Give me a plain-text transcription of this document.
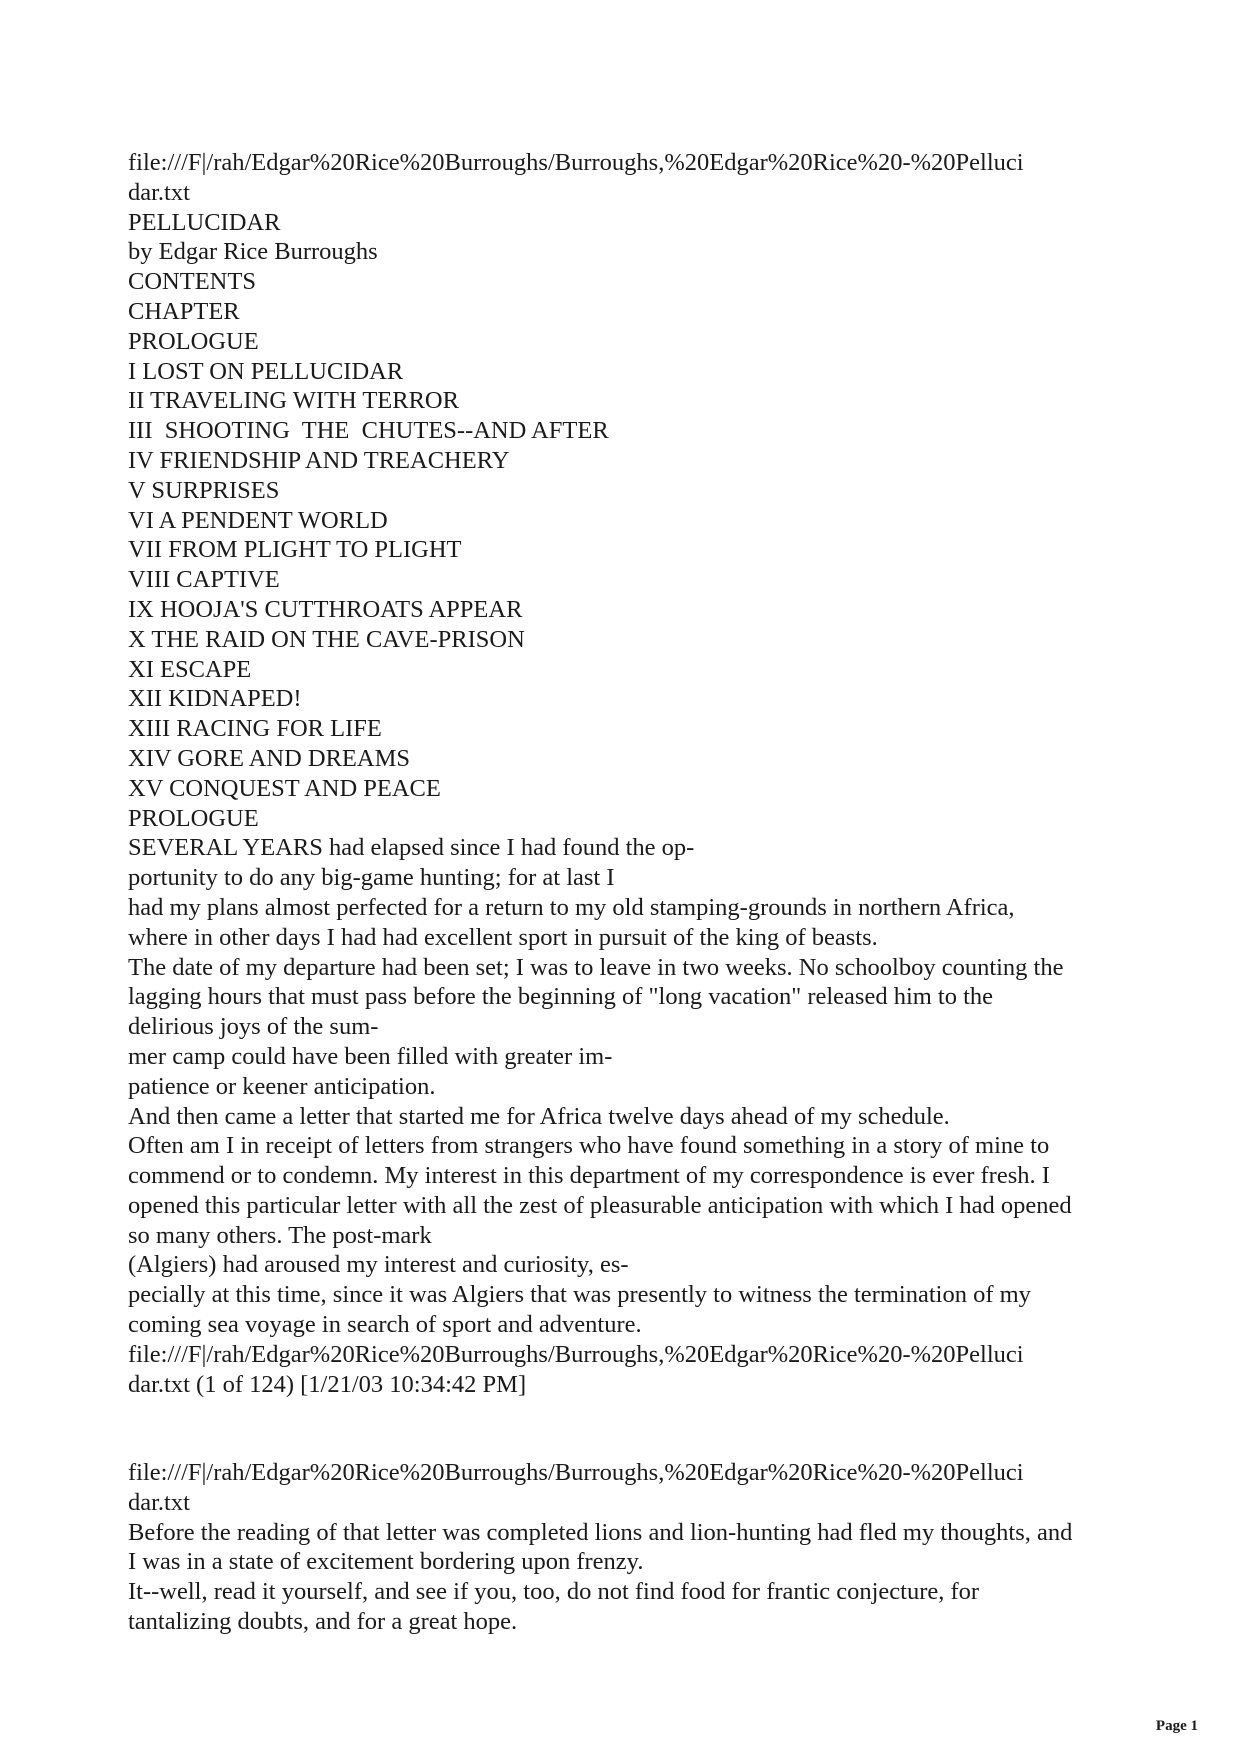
file:///F|/rah/Edgar%20Rice%20Burroughs/Burroughs,%20Edgar%20Rice%20-%20Pelluci
dar.txt
PELLUCIDAR
by Edgar Rice Burroughs
CONTENTS
CHAPTER
PROLOGUE
I LOST ON PELLUCIDAR
II TRAVELING WITH TERROR
III  SHOOTING  THE  CHUTES--AND AFTER
IV FRIENDSHIP AND TREACHERY
V SURPRISES
VI A PENDENT WORLD
VII FROM PLIGHT TO PLIGHT
VIII CAPTIVE
IX HOOJA'S CUTTHROATS APPEAR
X THE RAID ON THE CAVE-PRISON
XI ESCAPE
XII KIDNAPED!
XIII RACING FOR LIFE
XIV GORE AND DREAMS
XV CONQUEST AND PEACE
PROLOGUE
SEVERAL YEARS had elapsed since I had found the op-
portunity to do any big-game hunting; for at last I
had my plans almost perfected for a return to my old stamping-grounds in northern Africa,
where in other days I had had excellent sport in pursuit of the king of beasts.
The date of my departure had been set; I was to leave in two weeks. No schoolboy counting the
lagging hours that must pass before the beginning of "long vacation" released him to the
delirious joys of the sum-
mer camp could have been filled with greater im-
patience or keener anticipation.
And then came a letter that started me for Africa twelve days ahead of my schedule.
Often am I in receipt of letters from strangers who have found something in a story of mine to
commend or to condemn. My interest in this department of my correspondence is ever fresh. I
opened this particular letter with all the zest of pleasurable anticipation with which I had opened
so many others. The post-mark
(Algiers) had aroused my interest and curiosity, es-
pecially at this time, since it was Algiers that was presently to witness the termination of my
coming sea voyage in search of sport and adventure.
file:///F|/rah/Edgar%20Rice%20Burroughs/Burroughs,%20Edgar%20Rice%20-%20Pelluci
dar.txt (1 of 124) [1/21/03 10:34:42 PM]
file:///F|/rah/Edgar%20Rice%20Burroughs/Burroughs,%20Edgar%20Rice%20-%20Pelluci
dar.txt
Before the reading of that letter was completed lions and lion-hunting had fled my thoughts, and
I was in a state of excitement bordering upon frenzy.
It--well, read it yourself, and see if you, too, do not find food for frantic conjecture, for
tantalizing doubts, and for a great hope.
Page 1
